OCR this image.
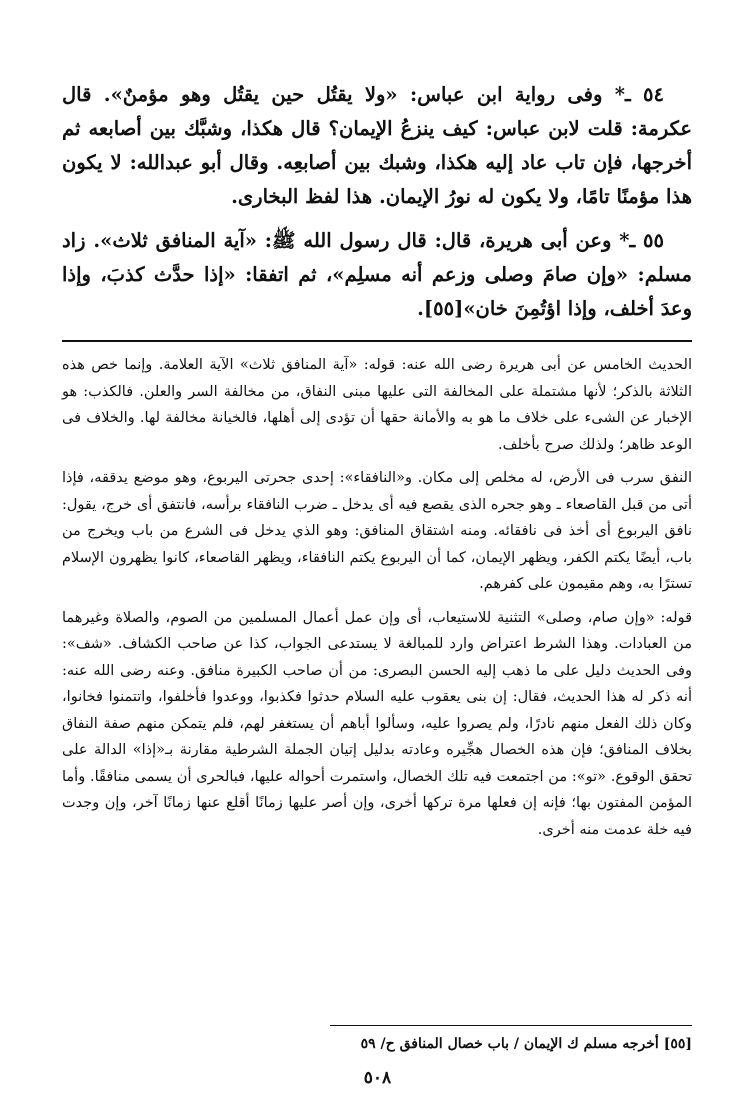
٥٤ ـ* وفى رواية ابن عباس: «ولا يقتُل حين يقتُل وهو مؤمنٌ». قال عكرمة: قلت لابن عباس: كيف ينزعُ الإيمان؟ قال هكذا، وشبَّك بين أصابعه ثم أخرجها، فإن تاب عاد إليه هكذا، وشبك بين أصابعِه. وقال أبو عبدالله: لا يكون هذا مؤمنًا تامًا، ولا يكون له نورُ الإيمان. هذا لفظ البخارى.

٥٥ ـ* وعن أبى هريرة، قال: قال رسول الله ﷺ: «آية المنافق ثلاث». زاد مسلم: «وإن صامَ وصلى وزعم أنه مسلِم»، ثم اتفقا: «إذا حدَّث كذبَ، وإذا وعدَ أخلف، وإذا اؤتُمِنَ خان»[٥٥].

الحديث الخامس عن أبى هريرة رضى الله عنه: قوله: «آية المنافق ثلاث» الآية العلامة. وإنما خص هذه الثلاثة بالذكر؛ لأنها مشتملة على المخالفة التى عليها مبنى النفاق، من مخالفة السر والعلن. فالكذب: هو الإخبار عن الشىء على خلاف ما هو به والأمانة حقها أن تؤدى إلى أهلها، فالخيانة مخالفة لها. والخلاف فى الوعد ظاهر؛ ولذلك صرح بأخلف.

النفق سرب فى الأرض، له مخلص إلى مكان. و«النافقاء»: إحدى جحرتى اليربوع، وهو موضع يدققه، فإذا أتى من قبل القاصعاء ـ وهو جحره الذى يقصع فيه أى يدخل ـ ضرب النافقاء برأسه، فانتفق أى خرج، يقول: نافق اليربوع أى أخذ فى نافقائه. ومنه اشتقاق المنافق: وهو الذي يدخل فى الشرع من باب ويخرج من باب، أيضًا يكتم الكفر، ويظهر الإيمان، كما أن اليربوع يكتم النافقاء، ويظهر القاصعاء، كانوا يظهرون الإسلام تسترًا به، وهم مقيمون على كفرهم.

قوله: «وإن صام، وصلى» التثنية للاستيعاب، أى وإن عمل أعمال المسلمين من الصوم، والصلاة وغيرهما من العبادات. وهذا الشرط اعتراض وارد للمبالغة لا يستدعى الجواب، كذا عن صاحب الكشاف. «شف»: وفى الحديث دليل على ما ذهب إليه الحسن البصرى: من أن صاحب الكبيرة منافق. وعنه رضى الله عنه: أنه ذكر له هذا الحديث، فقال: إن بنى يعقوب عليه السلام حدثوا فكذبوا، ووعدوا فأخلفوا، واتتمنوا فخانوا، وكان ذلك الفعل منهم نادرًا، ولم يصروا عليه، وسألوا أباهم أن يستغفر لهم، فلم يتمكن منهم صفة النفاق بخلاف المنافق؛ فإن هذه الخصال هجِّيره وعادته بدليل إتيان الجملة الشرطية مقارنة بـ«إذا» الدالة على تحقق الوقوع. «تو»: من اجتمعت فيه تلك الخصال، واستمرت أحواله عليها، فبالحرى أن يسمى منافقًا. وأما المؤمن المفتون بها؛ فإنه إن فعلها مرة تركها أخرى، وإن أصر عليها زمانًا أقلع عنها زمانًا آخر، وإن وجدت فيه خلة عدمت منه أخرى.

[٥٥] أخرجه مسلم ك الإيمان / باب خصال المنافق ح/ ٥٩
٥٠٨
